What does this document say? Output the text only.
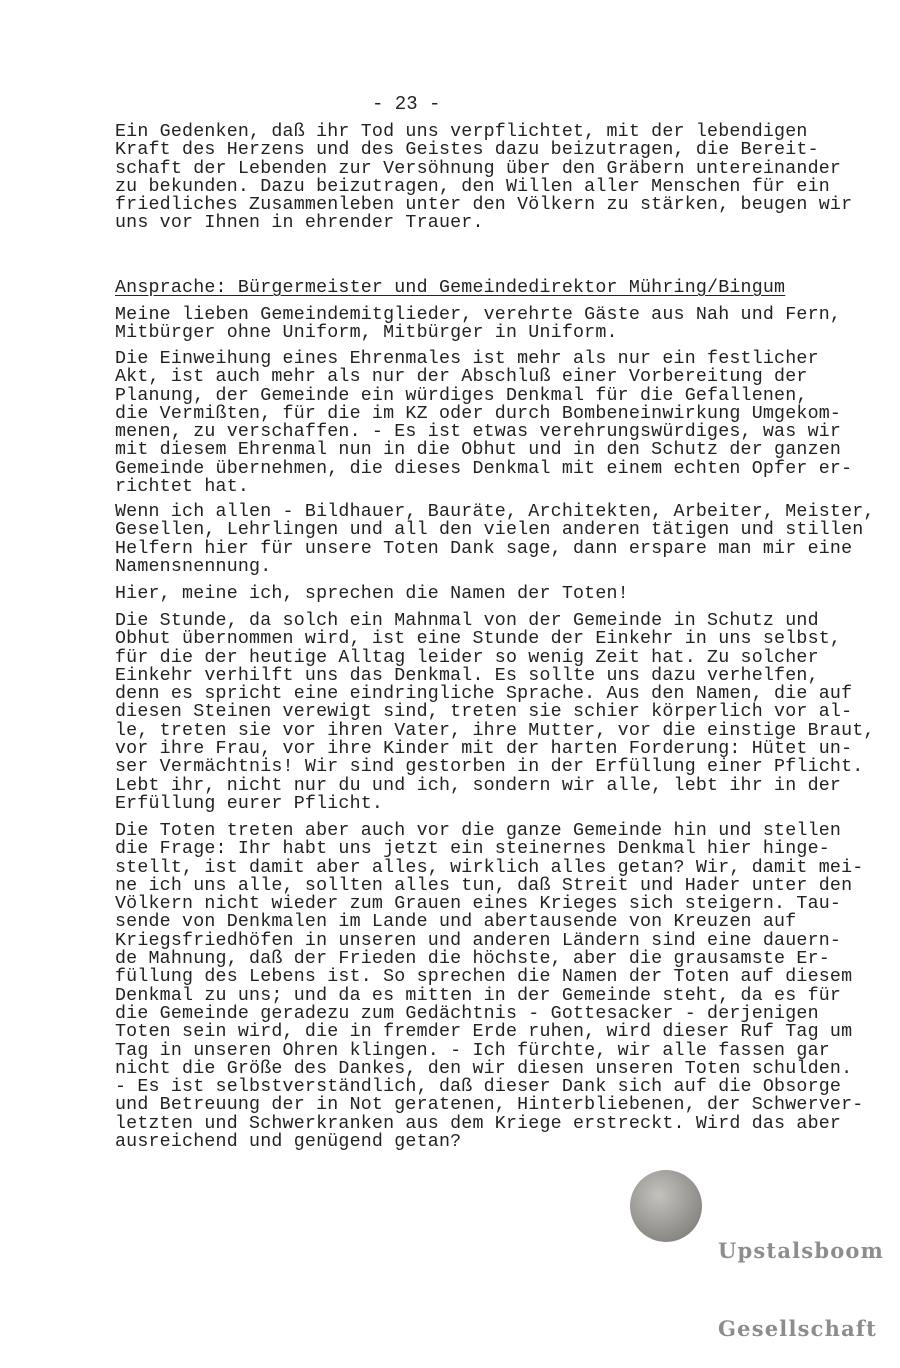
- 23 -
Ein Gedenken, daß ihr Tod uns verpflichtet, mit der lebendigen
Kraft des Herzens und des Geistes dazu beizutragen, die Bereit-
schaft der Lebenden zur Versöhnung über den Gräbern untereinander
zu bekunden. Dazu beizutragen, den Willen aller Menschen für ein
friedliches Zusammenleben unter den Völkern zu stärken, beugen wir
uns vor Ihnen in ehrender Trauer.
Ansprache: Bürgermeister und Gemeindedirektor Mühring/Bingum
Meine lieben Gemeindemitglieder, verehrte Gäste aus Nah und Fern,
Mitbürger ohne Uniform, Mitbürger in Uniform.
Die Einweihung eines Ehrenmales ist mehr als nur ein festlicher
Akt, ist auch mehr als nur der Abschluß einer Vorbereitung der
Planung, der Gemeinde ein würdiges Denkmal für die Gefallenen,
die Vermißten, für die im KZ oder durch Bombeneinwirkung Umgekom-
menen, zu verschaffen. - Es ist etwas verehrungswürdiges, was wir
mit diesem Ehrenmal nun in die Obhut und in den Schutz der ganzen
Gemeinde übernehmen, die dieses Denkmal mit einem echten Opfer er-
richtet hat.
Wenn ich allen - Bildhauer, Bauräte, Architekten, Arbeiter, Meister,
Gesellen, Lehrlingen und all den vielen anderen tätigen und stillen
Helfern hier für unsere Toten Dank sage, dann erspare man mir eine
Namensnennung.
Hier, meine ich, sprechen die Namen der Toten!
Die Stunde, da solch ein Mahnmal von der Gemeinde in Schutz und
Obhut übernommen wird, ist eine Stunde der Einkehr in uns selbst,
für die der heutige Alltag leider so wenig Zeit hat. Zu solcher
Einkehr verhilft uns das Denkmal. Es sollte uns dazu verhelfen,
denn es spricht eine eindringliche Sprache. Aus den Namen, die auf
diesen Steinen verewigt sind, treten sie schier körperlich vor al-
le, treten sie vor ihren Vater, ihre Mutter, vor die einstige Braut,
vor ihre Frau, vor ihre Kinder mit der harten Forderung: Hütet un-
ser Vermächtnis! Wir sind gestorben in der Erfüllung einer Pflicht.
Lebt ihr, nicht nur du und ich, sondern wir alle, lebt ihr in der
Erfüllung eurer Pflicht.
Die Toten treten aber auch vor die ganze Gemeinde hin und stellen
die Frage: Ihr habt uns jetzt ein steinernes Denkmal hier hinge-
stellt, ist damit aber alles, wirklich alles getan? Wir, damit mei-
ne ich uns alle, sollten alles tun, daß Streit und Hader unter den
Völkern nicht wieder zum Grauen eines Krieges sich steigern. Tau-
sende von Denkmalen im Lande und abertausende von Kreuzen auf
Kriegsfriedhöfen in unseren und anderen Ländern sind eine dauern-
de Mahnung, daß der Frieden die höchste, aber die grausamste Er-
füllung des Lebens ist. So sprechen die Namen der Toten auf diesem
Denkmal zu uns; und da es mitten in der Gemeinde steht, da es für
die Gemeinde geradezu zum Gedächtnis - Gottesacker - derjenigen
Toten sein wird, die in fremder Erde ruhen, wird dieser Ruf Tag um
Tag in unseren Ohren klingen. - Ich fürchte, wir alle fassen gar
nicht die Größe des Dankes, den wir diesen unseren Toten schulden.
- Es ist selbstverständlich, daß dieser Dank sich auf die Obsorge
und Betreuung der in Not geratenen, Hinterbliebenen, der Schwerver-
letzten und Schwerkranken aus dem Kriege erstreckt. Wird das aber
ausreichend und genügend getan?

Upstalsboom

Gesellschaft
